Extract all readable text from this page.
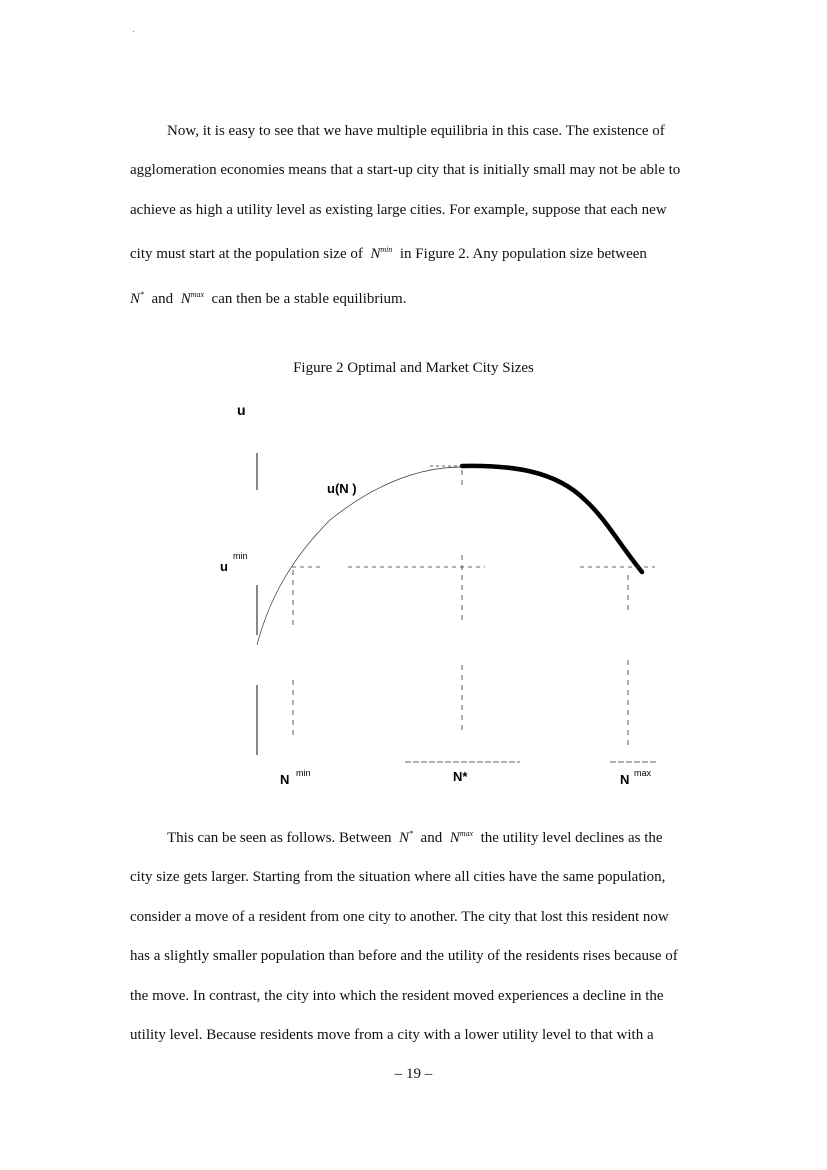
Now, it is easy to see that we have multiple equilibria in this case. The existence of
agglomeration economies means that a start-up city that is initially small may not be able to
achieve as high a utility level as existing large cities. For example, suppose that each new
city must start at the population size of $N^{min}$ in Figure 2. Any population size between
N* and $N^{max}$ can then be a stable equilibrium.

Figure 2 Optimal and Market City Sizes

u
u(N )
u
min
N min	N*	N max
This can be seen as follows. Between N* and $N^{max}$ the utility level declines as the
city size gets larger. Starting from the situation where all cities have the same population,
consider a move of a resident from one city to another. The city that lost this resident now
has a slightly smaller population than before and the utility of the residents rises because of
the move. In contrast, the city into which the resident moved experiences a decline in the
utility level. Because residents move from a city with a lower utility level to that with a

– 19 –
